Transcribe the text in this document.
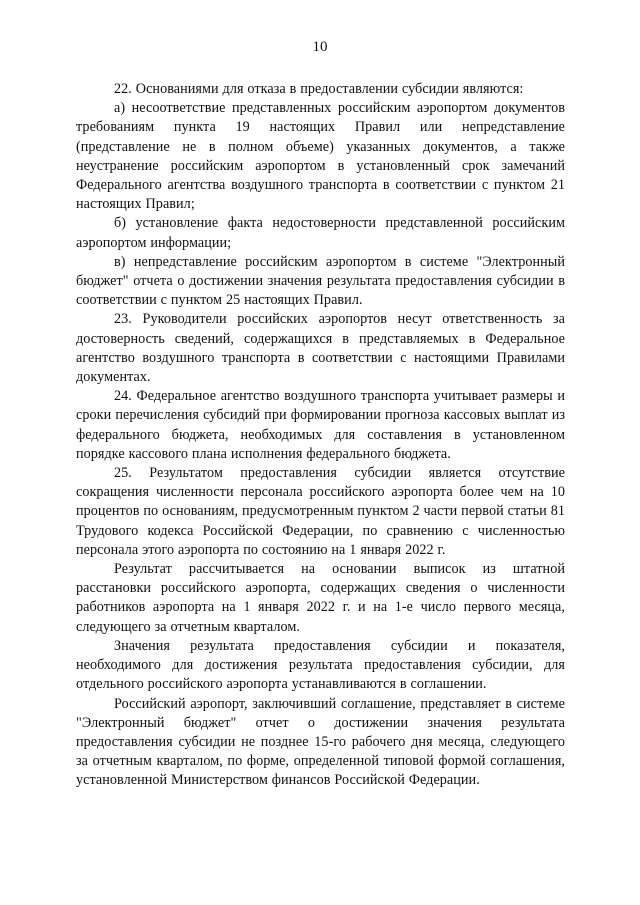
10

22. Основаниями для отказа в предоставлении субсидии являются:

а) несоответствие представленных российским аэропортом документов требованиям пункта 19 настоящих Правил или непредставление (представление не в полном объеме) указанных документов, а также неустранение российским аэропортом в установленный срок замечаний Федерального агентства воздушного транспорта в соответствии с пунктом 21 настоящих Правил;

б) установление факта недостоверности представленной российским аэропортом информации;

в) непредставление российским аэропортом в системе "Электронный бюджет" отчета о достижении значения результата предоставления субсидии в соответствии с пунктом 25 настоящих Правил.

23. Руководители российских аэропортов несут ответственность за достоверность сведений, содержащихся в представляемых в Федеральное агентство воздушного транспорта в соответствии с настоящими Правилами документах.

24. Федеральное агентство воздушного транспорта учитывает размеры и сроки перечисления субсидий при формировании прогноза кассовых выплат из федерального бюджета, необходимых для составления в установленном порядке кассового плана исполнения федерального бюджета.

25. Результатом предоставления субсидии является отсутствие сокращения численности персонала российского аэропорта более чем на 10 процентов по основаниям, предусмотренным пунктом 2 части первой статьи 81 Трудового кодекса Российской Федерации, по сравнению с численностью персонала этого аэропорта по состоянию на 1 января 2022 г.

Результат рассчитывается на основании выписок из штатной расстановки российского аэропорта, содержащих сведения о численности работников аэропорта на 1 января 2022 г. и на 1-е число первого месяца, следующего за отчетным кварталом.

Значения результата предоставления субсидии и показателя, необходимого для достижения результата предоставления субсидии, для отдельного российского аэропорта устанавливаются в соглашении.

Российский аэропорт, заключивший соглашение, представляет в системе "Электронный бюджет" отчет о достижении значения результата предоставления субсидии не позднее 15-го рабочего дня месяца, следующего за отчетным кварталом, по форме, определенной типовой формой соглашения, установленной Министерством финансов Российской Федерации.
